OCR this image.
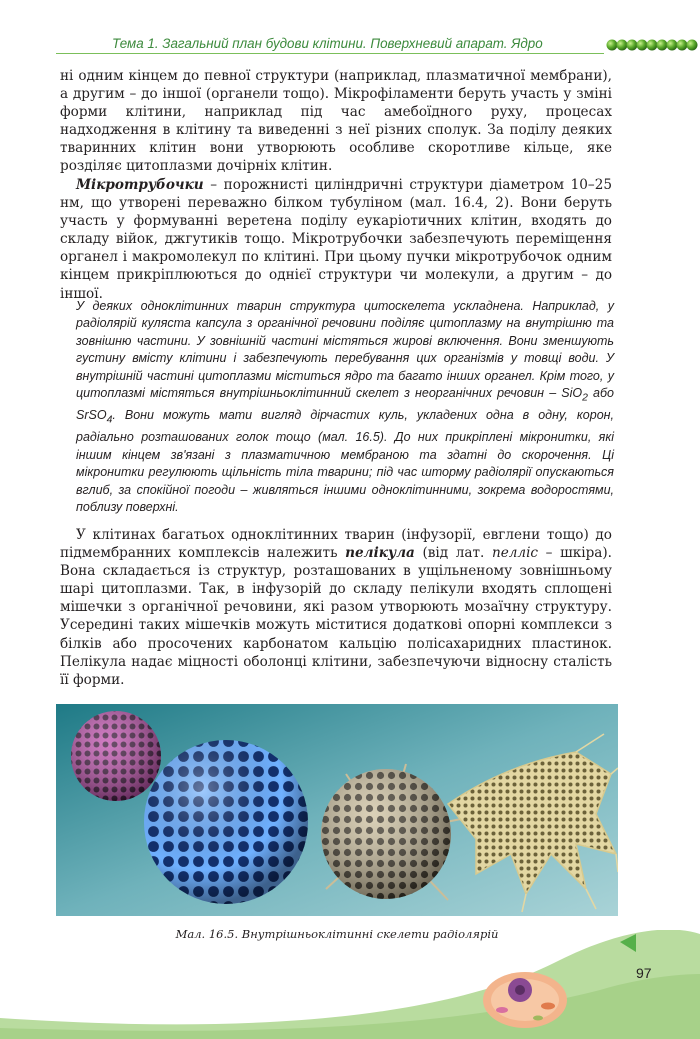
Тема 1. Загальний план будови клітини. Поверхневий апарат. Ядро

ні одним кінцем до певної структури (наприклад, плазматичної мембрани), а другим – до іншої (органели тощо). Мікрофіламенти беруть участь у зміні форми клітини, наприклад під час амебоїдного руху, процесах надходження в клітину та виведенні з неї різних сполук. За поділу деяких тваринних клітин вони утворюють особливе скоротливе кільце, яке розділяє цитоплазми дочірніх клітин.

Мікротрубочки – порожнисті циліндричні структури діаметром 10–25 нм, що утворені переважно білком тубуліном (мал. 16.4, 2). Вони беруть участь у формуванні веретена поділу еукаріотичних клітин, входять до складу війок, джгутиків тощо. Мікротрубочки забезпечують переміщення органел і макромолекул по клітині. При цьому пучки мікротрубочок одним кінцем прикріплюються до однієї структури чи молекули, а другим – до іншої.

У деяких одноклітинних тварин структура цитоскелета ускладнена. Наприклад, у радіолярій куляста капсула з органічної речовини поділяє цитоплазму на внутрішню та зовнішню частини. У зовнішній частині містяться жирові включення. Вони зменшують густину вмісту клітини і забезпечують перебування цих організмів у товщі води. У внутрішній частині цитоплазми міститься ядро та багато інших органел. Крім того, у цитоплазмі містяться внутрішньоклітинний скелет з неорганічних речовин – SiO$_2$ або SrSO$_4$. Вони можуть мати вигляд дірчастих куль, укладених одна в одну, корон, радіально розташованих голок тощо (мал. 16.5). До них прикріплені мікронитки, які іншим кінцем зв'язані з плазматичною мембраною та здатні до скорочення. Ці мікронитки регулюють щільність тіла тварини; під час шторму радіолярії опускаються вглиб, за спокійної погоди – живляться іншими одноклітинними, зокрема водоростями, поблизу поверхні.

У клітинах багатьох одноклітинних тварин (інфузорії, евглени тощо) до підмембранних комплексів належить пелікула (від лат. пелліс – шкіра). Вона складається із структур, розташованих в ущільненому зовнішньому шарі цитоплазми. Так, в інфузорій до складу пелікули входять сплощені мішечки з органічної речовини, які разом утворюють мозаїчну структуру. Усередині таких мішечків можуть міститися додаткові опорні комплекси з білків або просочених карбонатом кальцію полісахаридних пластинок. Пелікула надає міцності оболонці клітини, забезпечуючи відносну сталість її форми.

Мал. 16.5. Внутрішньоклітинні скелети радіолярій
97
